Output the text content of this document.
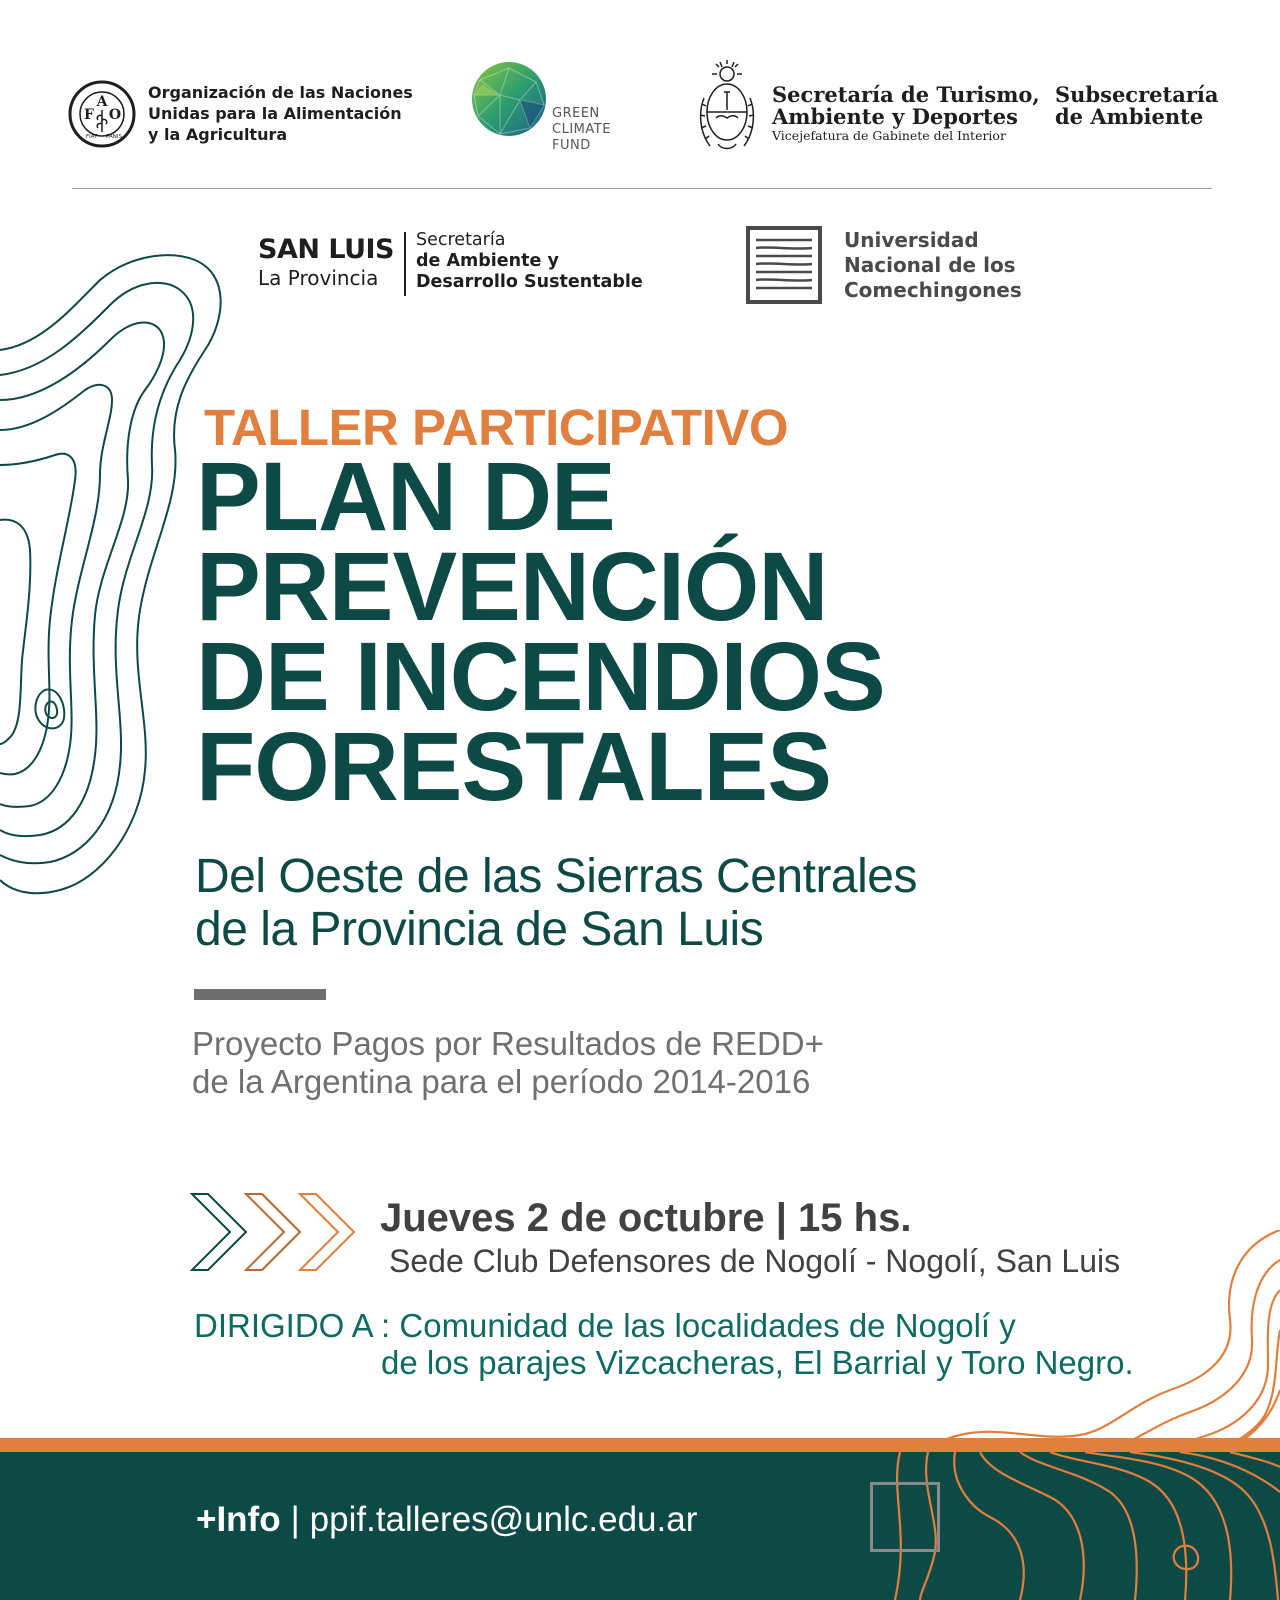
F
A
O
FIAT PANIS
Organización de las Naciones
Unidas para la Alimentación
y la Agricultura
GREEN
CLIMATE
FUND
Secretaría de Turismo,
Ambiente y Deportes
Vicejefatura de Gabinete del Interior
Subsecretaría
de Ambiente
SAN LUIS
La Provincia
Secretaría
de Ambiente y
Desarrollo Sustentable
Universidad
Nacional de los
Comechingones
TALLER PARTICIPATIVO
PLAN DE
PREVENCIÓN
DE INCENDIOS
FORESTALES
Del Oeste de las Sierras Centrales
de la Provincia de San Luis
Proyecto Pagos por Resultados de REDD+
de la Argentina para el período 2014-2016
Jueves 2 de octubre | 15 hs.
Sede Club Defensores de Nogolí - Nogolí, San Luis
DIRIGIDO A : Comunidad de las localidades de Nogolí y
de los parajes Vizcacheras, El Barrial y Toro Negro.
+Info | ppif.talleres@unlc.edu.ar
